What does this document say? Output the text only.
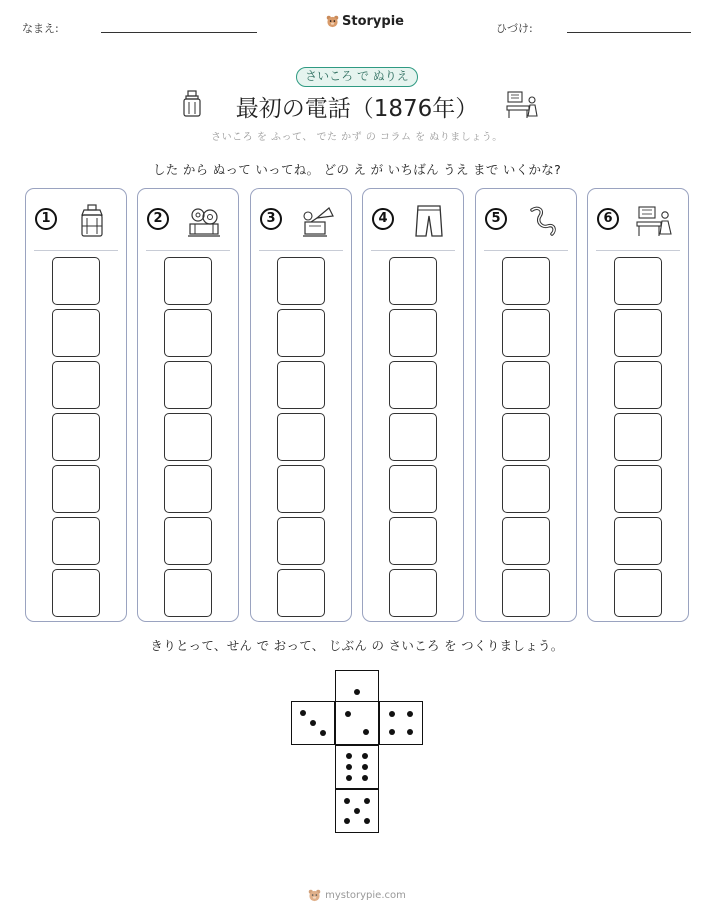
なまえ:	Storypie	ひづけ:
さいころ で ぬりえ
最初の電話（1876年）
さいころ を ふって、 でた かず の コラム を ぬりましょう。
した から ぬって いってね。 どの え が いちばん うえ まで いくかな?
1	2	3	4	5	6
きりとって、せん で おって、 じぶん の さいころ を つくりましょう。
mystorypie.com
